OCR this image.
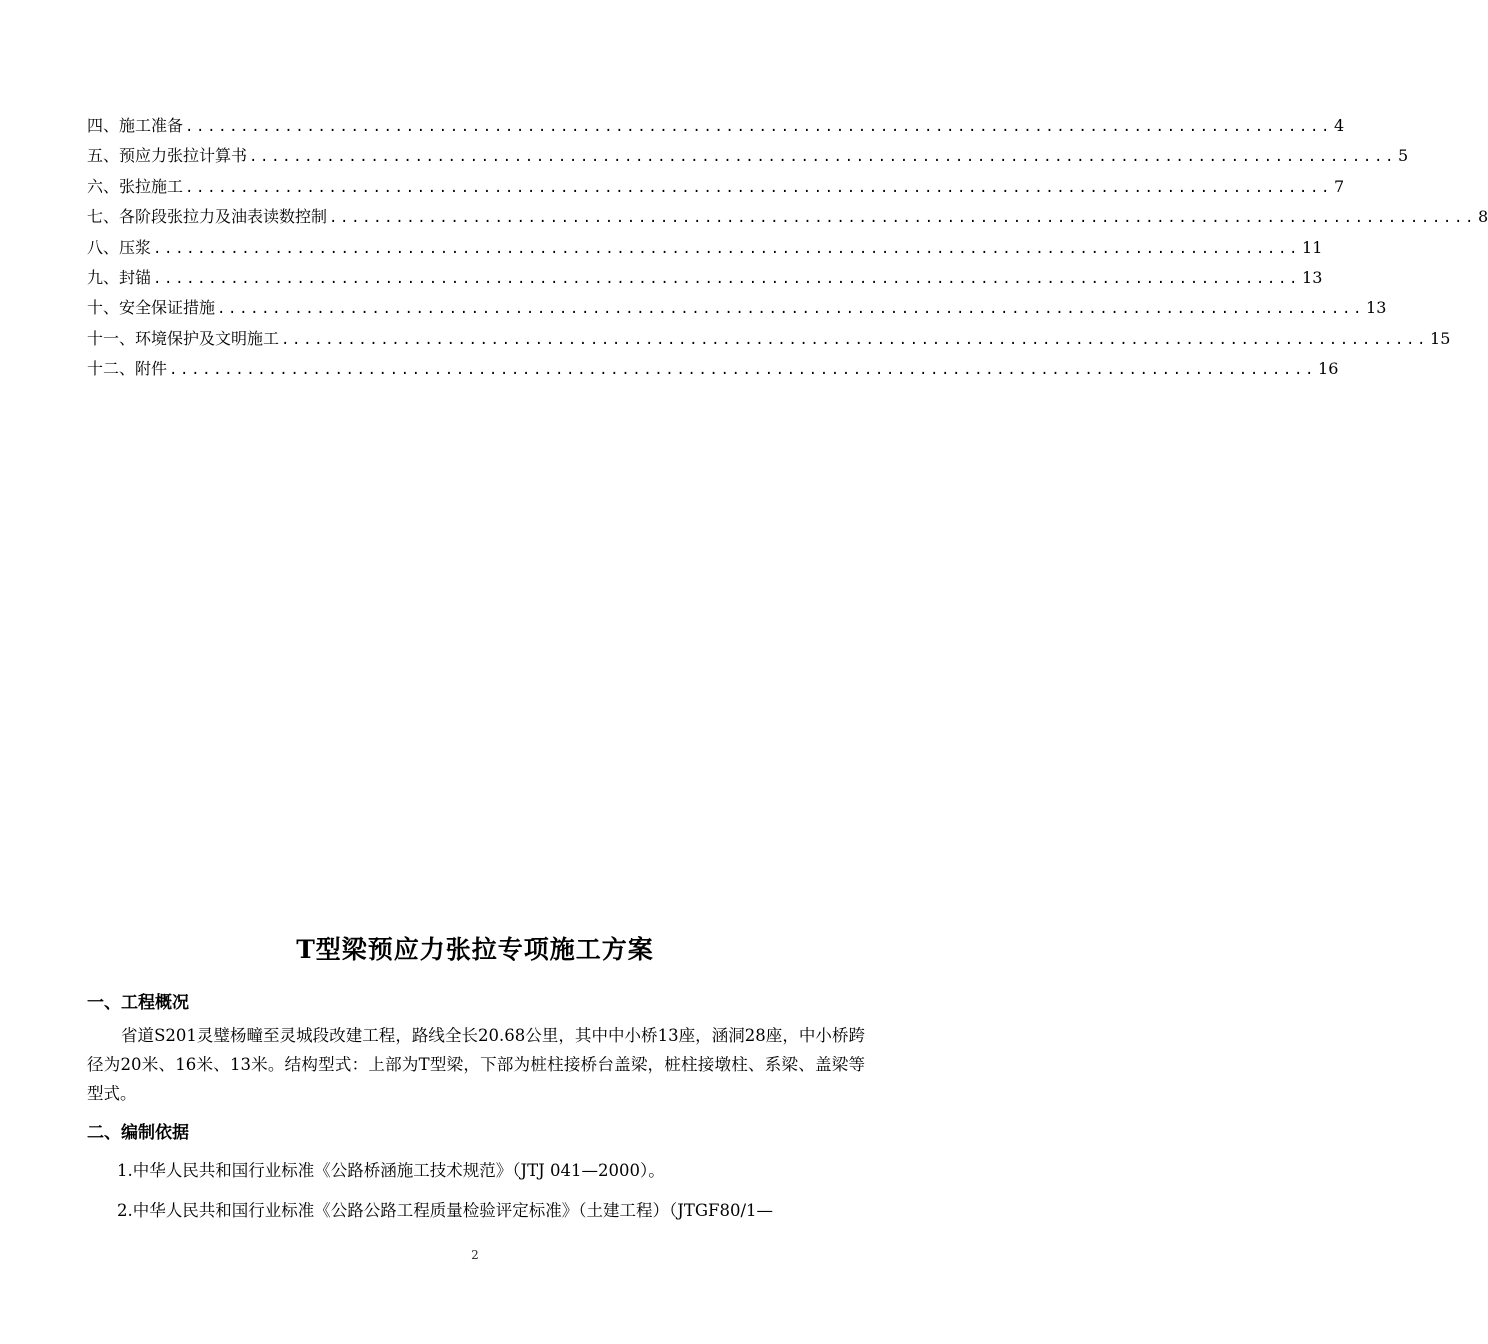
四、施工准备 ........................................................................................................ 4
五、预应力张拉计算书 ........................................................................................................ 5
六、张拉施工 ........................................................................................................ 7
七、各阶段张拉力及油表读数控制 ........................................................................................................ 8
八、压浆 ........................................................................................................ 11
九、封锚 ........................................................................................................ 13
十、安全保证措施 ........................................................................................................ 13
十一、环境保护及文明施工 ........................................................................................................ 15
十二、附件 ........................................................................................................ 16
T型梁预应力张拉专项施工方案
一、工程概况

省道S201灵璧杨疃至灵城段改建工程，路线全长20.68公里，其中中小桥13座，涵洞28座，中小桥跨径为20米、16米、13米。结构型式：上部为T型梁，下部为桩柱接桥台盖梁，桩柱接墩柱、系梁、盖梁等型式。

二、编制依据
1.中华人民共和国行业标准《公路桥涵施工技术规范》（JTJ 041—2000）。
2.中华人民共和国行业标准《公路公路工程质量检验评定标准》（土建工程）（JTGF80/1—
2
